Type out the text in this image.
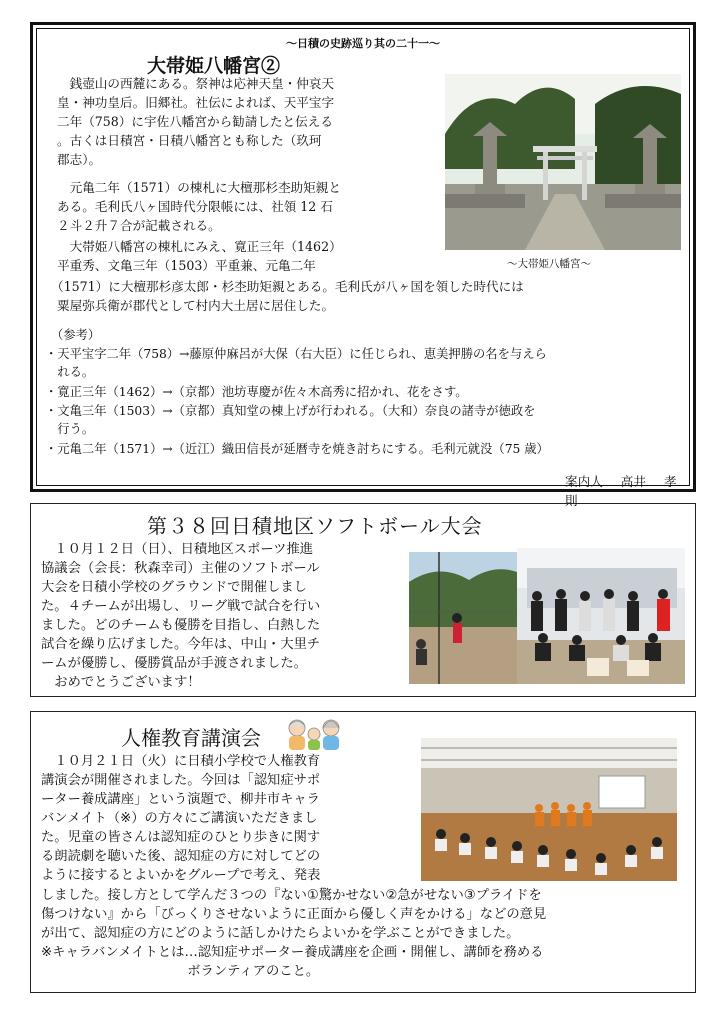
～日積の史跡巡り其の二十一～
大帯姫八幡宮②
　銭壺山の西麓にある。祭神は応神天皇・仲哀天
皇・神功皇后。旧郷社。社伝によれば、天平宝字
二年（758）に宇佐八幡宮から勧請したと伝える
。古くは日積宮・日積八幡宮とも称した（玖珂
郡志）。
　元亀二年（1571）の棟札に大檀那杉杢助矩親と
ある。毛利氏八ヶ国時代分限帳には、社領 12 石
２斗２升７合が記載される。
　大帯姫八幡宮の棟札にみえ、寛正三年（1462）
平重秀、文亀三年（1503）平重兼、元亀二年
（1571）に大檀那杉彦太郎・杉杢助矩親とある。毛利氏が八ヶ国を領した時代には
粟屋弥兵衛が郡代として村内大土居に居住した。
～大帯姫八幡宮～
（参考）
・天平宝字二年（758）→藤原仲麻呂が大保（右大臣）に任じられ、恵美押勝の名を与えら
　れる。
・寛正三年（1462）→（京都）池坊専慶が佐々木高秀に招かれ、花をさす。
・文亀三年（1503）→（京都）真知堂の棟上げが行われる。（大和）奈良の諸寺が徳政を
　行う。
・元亀二年（1571）→（近江）織田信長が延暦寺を焼き討ちにする。毛利元就没（75 歳）
案内人 高井 孝則
第３８回日積地区ソフトボール大会
　１０月１２日（日）、日積地区スポーツ推進
協議会（会長：秋森幸司）主催のソフトボール
大会を日積小学校のグラウンドで開催しまし
た。４チームが出場し、リーグ戦で試合を行い
ました。どのチームも優勝を目指し、白熱した
試合を繰り広げました。今年は、中山・大里チ
ームが優勝し、優勝賞品が手渡されました。
　おめでとうございます！
人権教育講演会
　１０月２１日（火）に日積小学校で人権教育
講演会が開催されました。今回は「認知症サポ
ーター養成講座」という演題で、柳井市キャラ
バンメイト（※）の方々にご講演いただきまし
た。児童の皆さんは認知症のひとり歩きに関す
る朗読劇を聴いた後、認知症の方に対してどの
ように接するとよいかをグループで考え、発表
しました。接し方として学んだ３つの『ない①驚かせない②急がせない③プライドを
傷つけない』から「びっくりさせないように正面から優しく声をかける」などの意見
が出て、認知症の方にどのように話しかけたらよいかを学ぶことができました。
※キャラバンメイトとは…認知症サポーター養成講座を企画・開催し、講師を務める
　　　　　　　　　　　ボランティアのこと。
